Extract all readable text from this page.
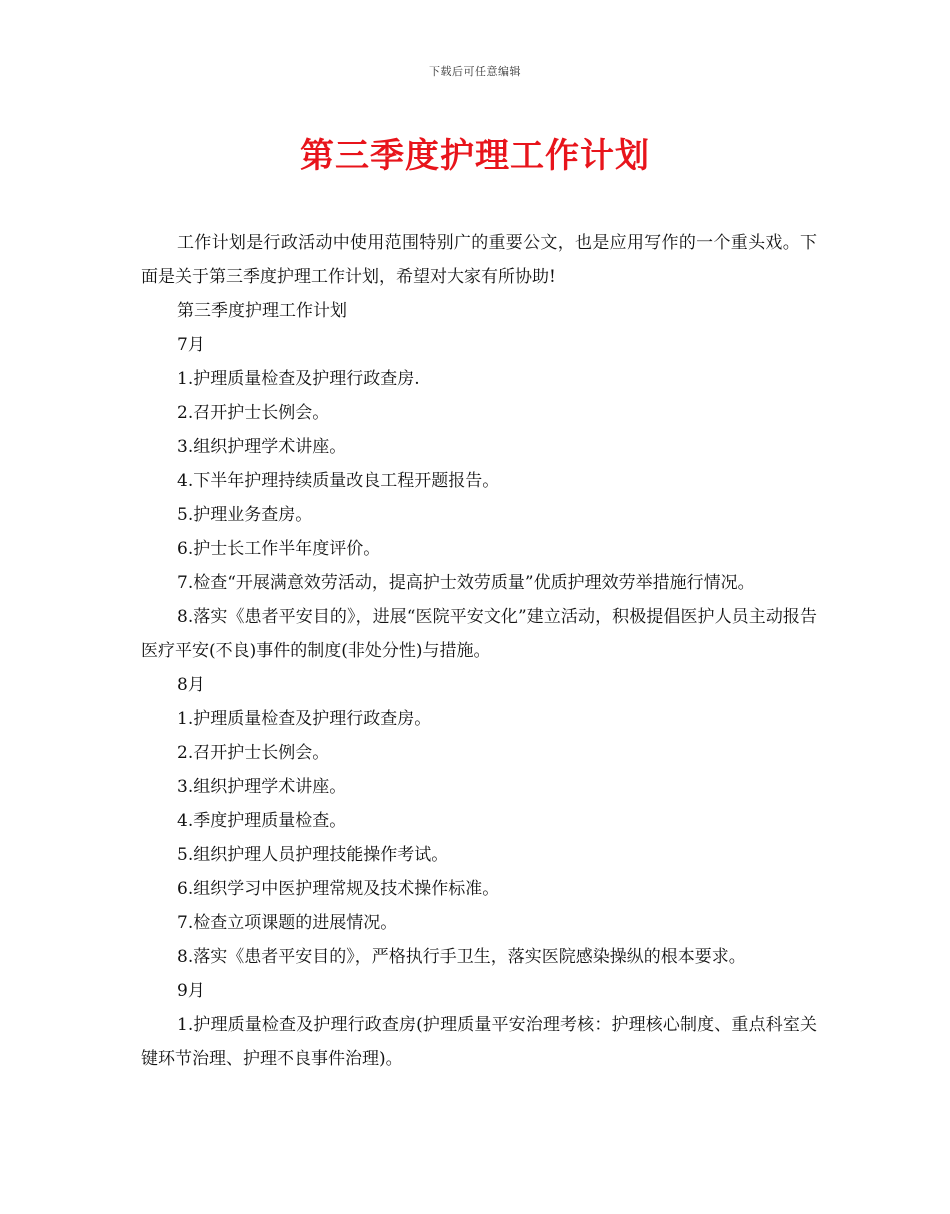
下载后可任意编辑
第三季度护理工作计划

工作计划是行政活动中使用范围特别广的重要公文，也是应用写作的一个重头戏。下面是关于第三季度护理工作计划，希望对大家有所协助!

第三季度护理工作计划

7月

1.护理质量检查及护理行政查房.

2.召开护士长例会。

3.组织护理学术讲座。

4.下半年护理持续质量改良工程开题报告。

5.护理业务查房。

6.护士长工作半年度评价。

7.检查“开展满意效劳活动，提高护士效劳质量”优质护理效劳举措施行情况。

8.落实《患者平安目的》，进展“医院平安文化”建立活动，积极提倡医护人员主动报告医疗平安(不良)事件的制度(非处分性)与措施。

8月

1.护理质量检查及护理行政查房。

2.召开护士长例会。

3.组织护理学术讲座。

4.季度护理质量检查。

5.组织护理人员护理技能操作考试。

6.组织学习中医护理常规及技术操作标准。

7.检查立项课题的进展情况。

8.落实《患者平安目的》，严格执行手卫生，落实医院感染操纵的根本要求。

9月

1.护理质量检查及护理行政查房(护理质量平安治理考核：护理核心制度、重点科室关键环节治理、护理不良事件治理)。
